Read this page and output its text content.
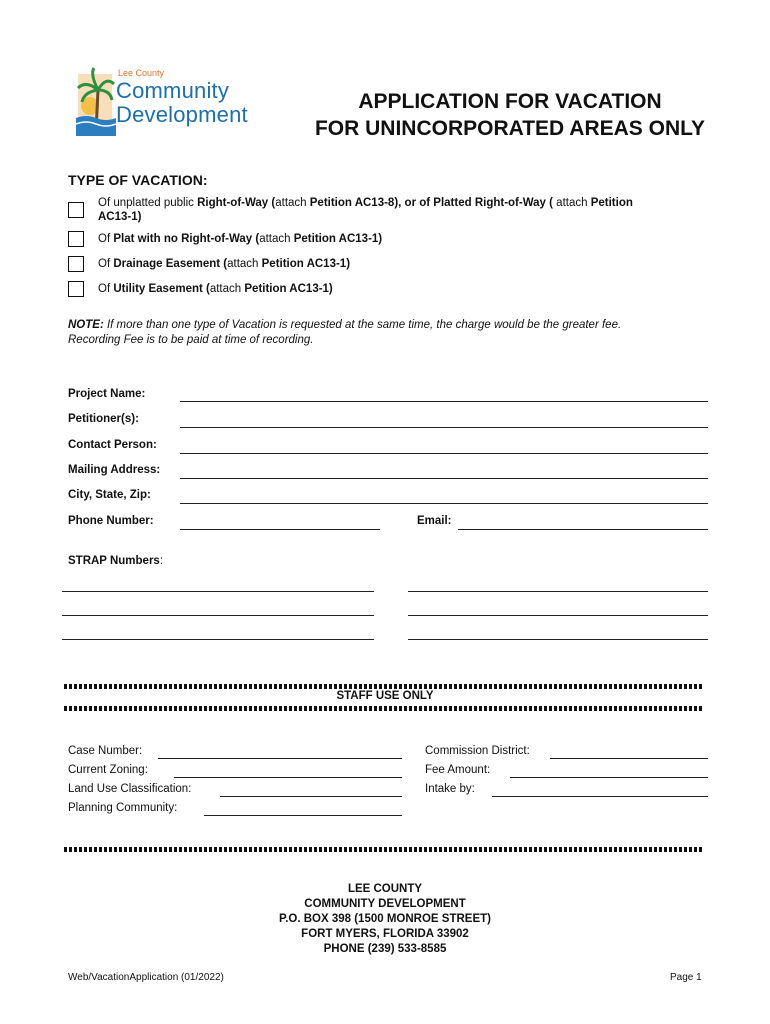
Lee County
Community
Development
APPLICATION FOR VACATION
FOR UNINCORPORATED AREAS ONLY
TYPE OF VACATION:
Of unplatted public Right-of-Way (attach Petition AC13-8), or of Platted Right-of-Way ( attach Petition
AC13-1)
Of Plat with no Right-of-Way (attach Petition AC13-1)
Of Drainage Easement (attach Petition AC13-1)
Of Utility Easement (attach Petition AC13-1)
NOTE: If more than one type of Vacation is requested at the same time, the charge would be the greater fee.
Recording Fee is to be paid at time of recording.
Project Name:
Petitioner(s):
Contact Person:
Mailing Address:
City, State, Zip:
Phone Number:	Email:
STRAP Numbers:
STAFF USE ONLY
Case Number:
Current Zoning:
Land Use Classification:
Planning Community:
Commission District:
Fee Amount:
Intake by:
LEE COUNTY
COMMUNITY DEVELOPMENT
P.O. BOX 398 (1500 MONROE STREET)
FORT MYERS, FLORIDA 33902
PHONE (239) 533-8585
Web/VacationApplication (01/2022)	Page 1
